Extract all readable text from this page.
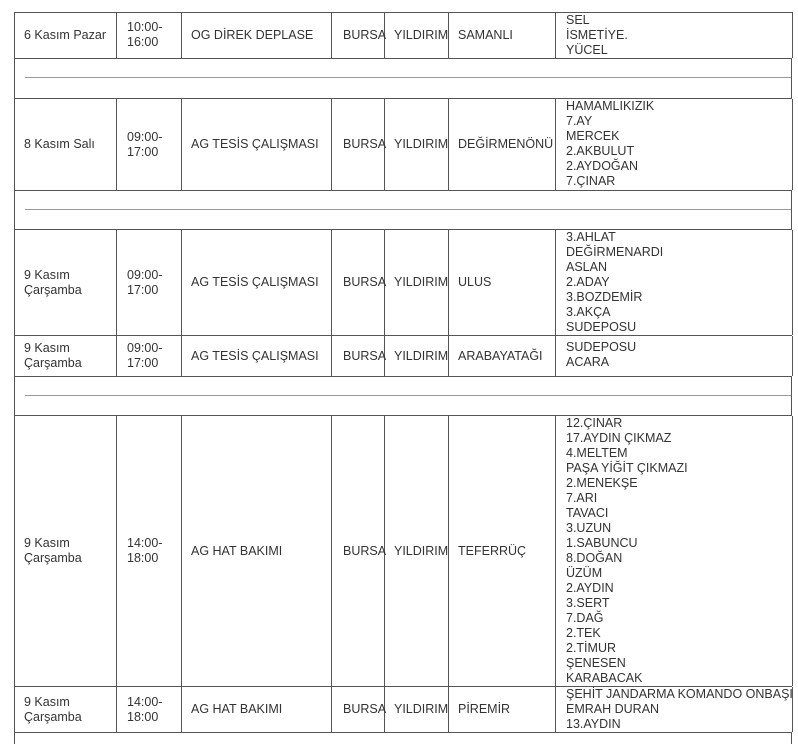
6 Kasım Pazar
10:00-
16:00
OG DİREK DEPLASE BURSA YILDIRIM SAMANLI
SEL
İSMETİYE.
YÜCEL
8 Kasım Salı
09:00-
17:00
AG TESİS ÇALIŞMASI BURSA YILDIRIM DEĞİRMENÖNÜ
HAMAMLIKIZIK
7.AY
MERCEK
2.AKBULUT
2.AYDOĞAN
7.ÇINAR
9 Kasım
Çarşamba
09:00-
17:00
AG TESİS ÇALIŞMASI BURSA YILDIRIM ULUS
3.AHLAT
DEĞİRMENARDI
ASLAN
2.ADAY
3.BOZDEMİR
3.AKÇA
SUDEPOSU
9 Kasım
Çarşamba
09:00-
17:00
AG TESİS ÇALIŞMASI BURSA YILDIRIM ARABAYATAĞI
SUDEPOSU
ACARA
9 Kasım
Çarşamba
14:00-
18:00
AG HAT BAKIMI	BURSA YILDIRIM TEFERRÜÇ
12.ÇINAR
17.AYDIN ÇIKMAZ
4.MELTEM
PAŞA YİĞİT ÇIKMAZI
2.MENEKŞE
7.ARI
TAVACI
3.UZUN
1.SABUNCU
8.DOĞAN
ÜZÜM
2.AYDIN
3.SERT
7.DAĞ
2.TEK
2.TİMUR
ŞENESEN
KARABACAK
9 Kasım
Çarşamba
14:00-
18:00
AG HAT BAKIMI	BURSA YILDIRIM PİREMİR
ŞEHİT JANDARMA KOMANDO ONBAŞI
EMRAH DURAN
13.AYDIN
